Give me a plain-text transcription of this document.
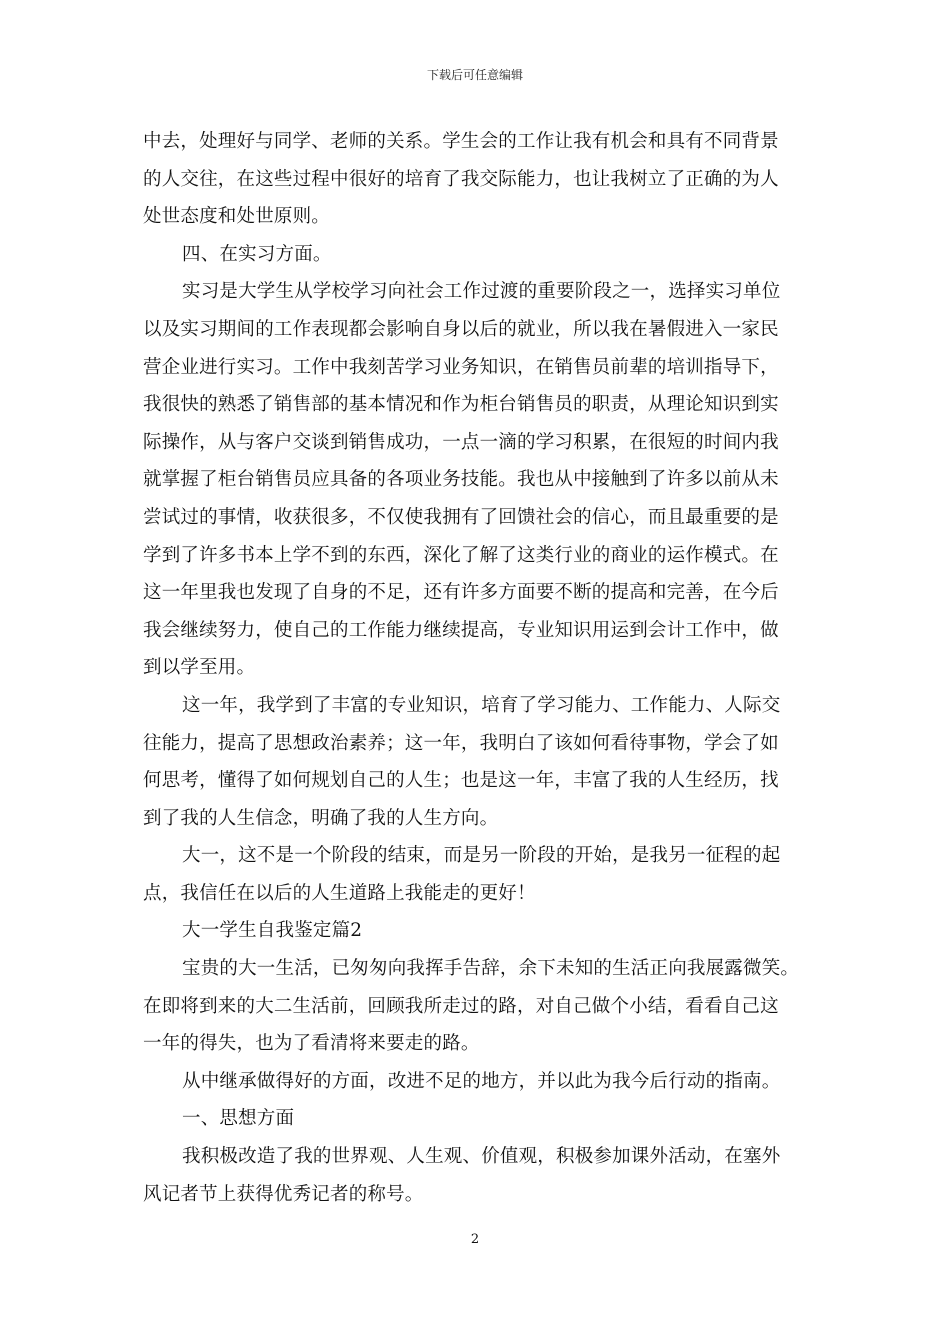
下载后可任意编辑
中去，处理好与同学、老师的关系。学生会的工作让我有机会和具有不同背景
的人交往，在这些过程中很好的培育了我交际能力，也让我树立了正确的为人
处世态度和处世原则。
四、在实习方面。
实习是大学生从学校学习向社会工作过渡的重要阶段之一，选择实习单位
以及实习期间的工作表现都会影响自身以后的就业，所以我在暑假进入一家民
营企业进行实习。工作中我刻苦学习业务知识，在销售员前辈的培训指导下，
我很快的熟悉了销售部的基本情况和作为柜台销售员的职责，从理论知识到实
际操作，从与客户交谈到销售成功，一点一滴的学习积累，在很短的时间内我
就掌握了柜台销售员应具备的各项业务技能。我也从中接触到了许多以前从未
尝试过的事情，收获很多，不仅使我拥有了回馈社会的信心，而且最重要的是
学到了许多书本上学不到的东西，深化了解了这类行业的商业的运作模式。在
这一年里我也发现了自身的不足，还有许多方面要不断的提高和完善，在今后
我会继续努力，使自己的工作能力继续提高，专业知识用运到会计工作中，做
到以学至用。
这一年，我学到了丰富的专业知识，培育了学习能力、工作能力、人际交
往能力，提高了思想政治素养；这一年，我明白了该如何看待事物，学会了如
何思考，懂得了如何规划自己的人生；也是这一年，丰富了我的人生经历，找
到了我的人生信念，明确了我的人生方向。
大一，这不是一个阶段的结束，而是另一阶段的开始，是我另一征程的起
点，我信任在以后的人生道路上我能走的更好！
大一学生自我鉴定篇2
宝贵的大一生活，已匆匆向我挥手告辞，余下未知的生活正向我展露微笑。
在即将到来的大二生活前，回顾我所走过的路，对自己做个小结，看看自己这
一年的得失，也为了看清将来要走的路。
从中继承做得好的方面，改进不足的地方，并以此为我今后行动的指南。
一、思想方面
我积极改造了我的世界观、人生观、价值观，积极参加课外活动，在塞外
风记者节上获得优秀记者的称号。
2
